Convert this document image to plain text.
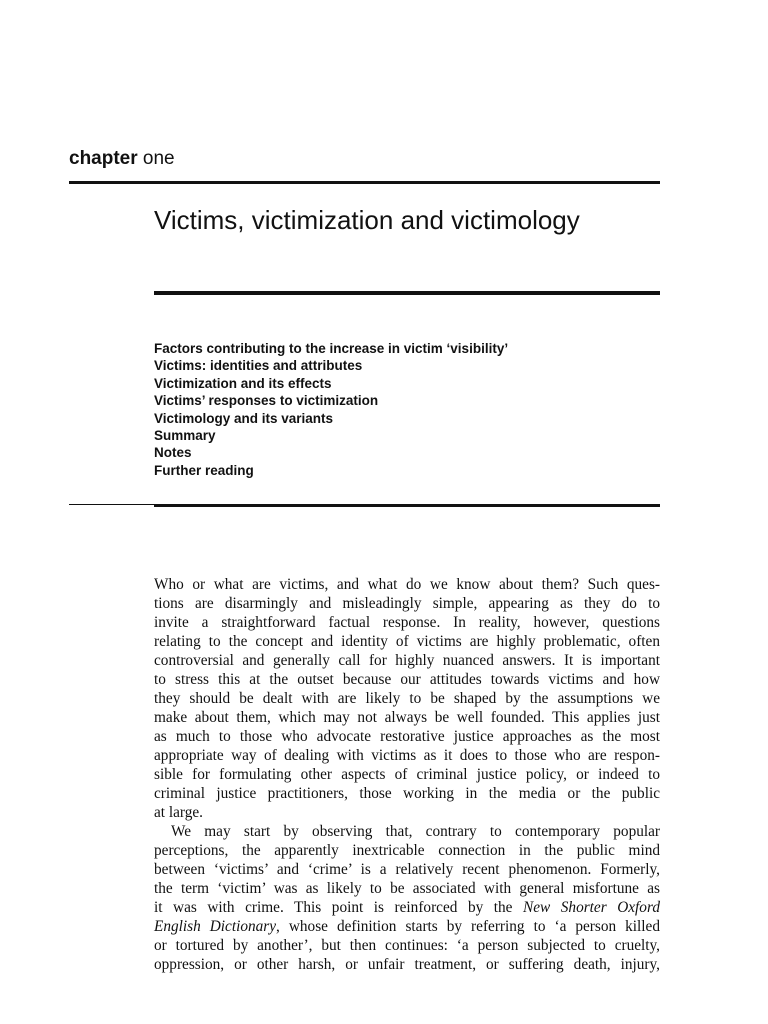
chapter one
Victims, victimization and victimology
Factors contributing to the increase in victim ‘visibility’
Victims: identities and attributes
Victimization and its effects
Victims’ responses to victimization
Victimology and its variants
Summary
Notes
Further reading
Who or what are victims, and what do we know about them? Such ques-
tions are disarmingly and misleadingly simple, appearing as they do to
invite a straightforward factual response. In reality, however, questions
relating to the concept and identity of victims are highly problematic, often
controversial and generally call for highly nuanced answers. It is important
to stress this at the outset because our attitudes towards victims and how
they should be dealt with are likely to be shaped by the assumptions we
make about them, which may not always be well founded. This applies just
as much to those who advocate restorative justice approaches as the most
appropriate way of dealing with victims as it does to those who are respon-
sible for formulating other aspects of criminal justice policy, or indeed to
criminal justice practitioners, those working in the media or the public
at large.
We may start by observing that, contrary to contemporary popular
perceptions, the apparently inextricable connection in the public mind
between ‘victims’ and ‘crime’ is a relatively recent phenomenon. Formerly,
the term ‘victim’ was as likely to be associated with general misfortune as
it was with crime. This point is reinforced by the New Shorter Oxford
English Dictionary, whose definition starts by referring to ‘a person killed
or tortured by another’, but then continues: ‘a person subjected to cruelty,
oppression, or other harsh, or unfair treatment, or suffering death, injury,
